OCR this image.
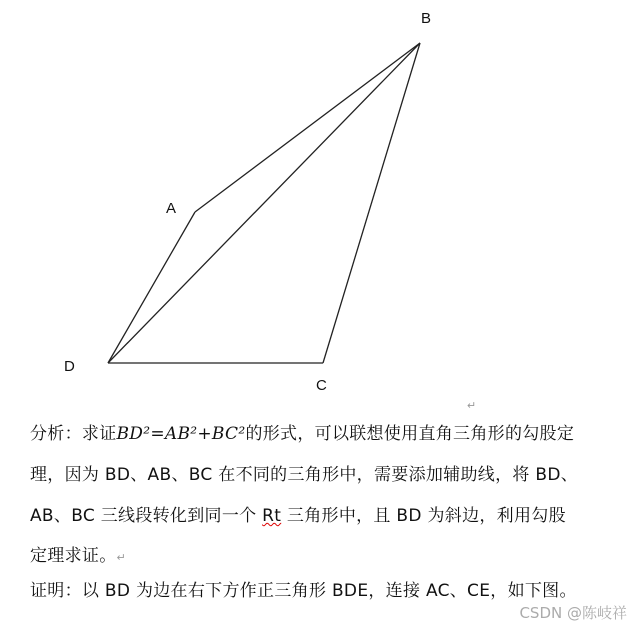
B
A
D
C
↵
分析：求证BD²=AB²+BC²的形式，可以联想使用直角三角形的勾股定
理，因为 BD、AB、BC 在不同的三角形中，需要添加辅助线，将 BD、
AB、BC 三线段转化到同一个 Rt 三角形中，且 BD 为斜边，利用勾股
定理求证。↵
证明：以 BD 为边在右下方作正三角形 BDE，连接 AC、CE，如下图。
CSDN @陈岐祥
